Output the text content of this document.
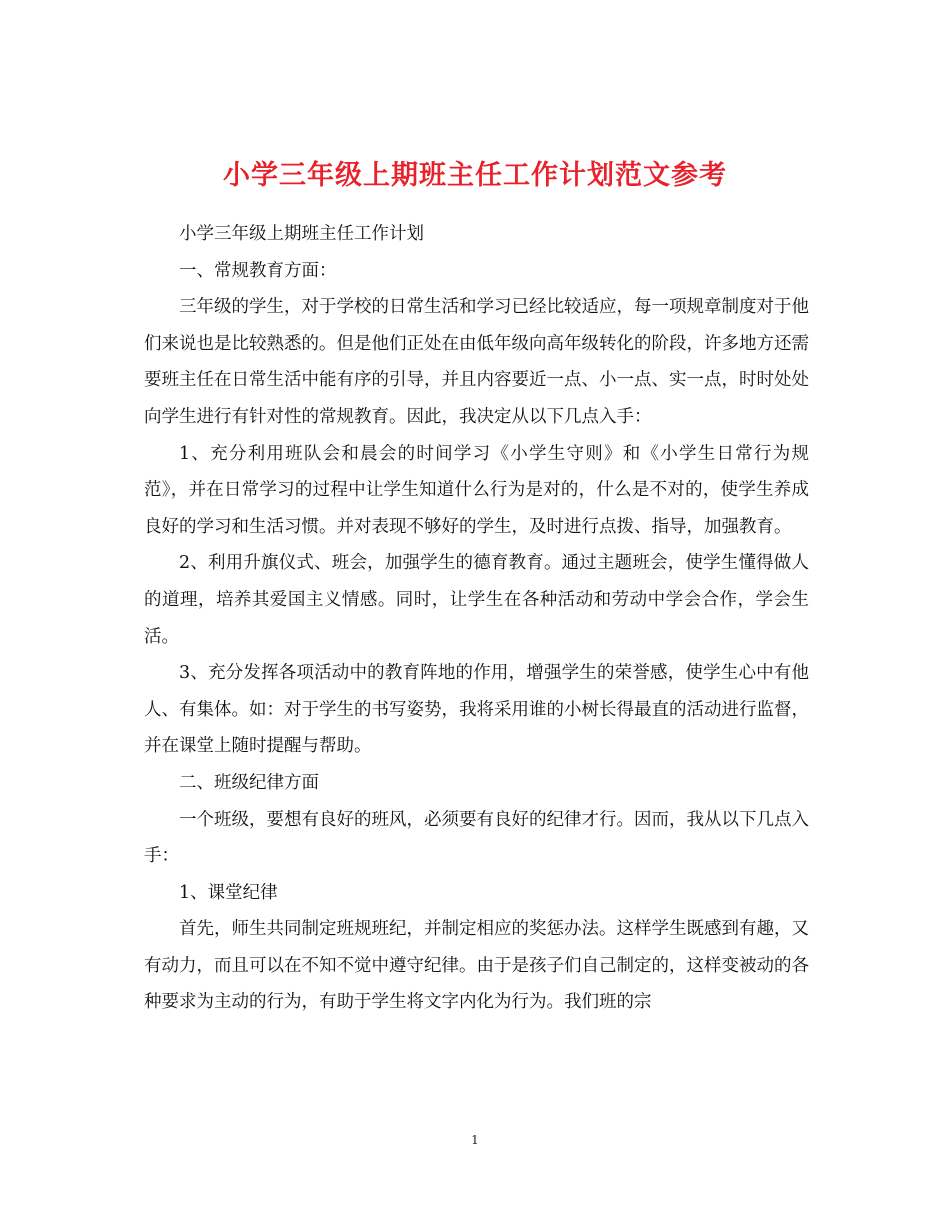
小学三年级上期班主任工作计划范文参考

小学三年级上期班主任工作计划

一、常规教育方面：

三年级的学生，对于学校的日常生活和学习已经比较适应，每一项规章制度对于他们来说也是比较熟悉的。但是他们正处在由低年级向高年级转化的阶段，许多地方还需要班主任在日常生活中能有序的引导，并且内容要近一点、小一点、实一点，时时处处向学生进行有针对性的常规教育。因此，我决定从以下几点入手：

1、充分利用班队会和晨会的时间学习《小学生守则》和《小学生日常行为规范》，并在日常学习的过程中让学生知道什么行为是对的，什么是不对的，使学生养成良好的学习和生活习惯。并对表现不够好的学生，及时进行点拨、指导，加强教育。

2、利用升旗仪式、班会，加强学生的德育教育。通过主题班会，使学生懂得做人的道理，培养其爱国主义情感。同时，让学生在各种活动和劳动中学会合作，学会生活。

3、充分发挥各项活动中的教育阵地的作用，增强学生的荣誉感，使学生心中有他人、有集体。如：对于学生的书写姿势，我将采用谁的小树长得最直的活动进行监督，并在课堂上随时提醒与帮助。

二、班级纪律方面

一个班级，要想有良好的班风，必须要有良好的纪律才行。因而，我从以下几点入手：

1、课堂纪律

首先，师生共同制定班规班纪，并制定相应的奖惩办法。这样学生既感到有趣，又有动力，而且可以在不知不觉中遵守纪律。由于是孩子们自己制定的，这样变被动的各种要求为主动的行为，有助于学生将文字内化为行为。我们班的宗

1
